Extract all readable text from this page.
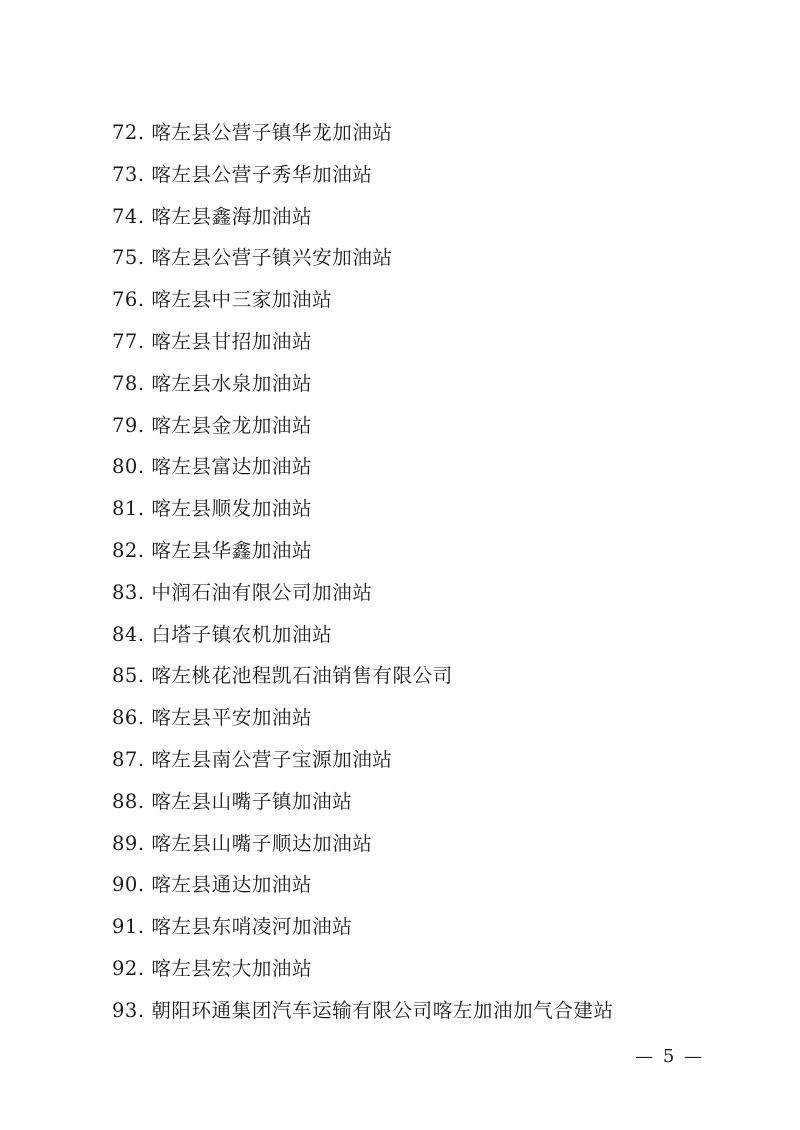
72. 喀左县公营子镇华龙加油站
73. 喀左县公营子秀华加油站
74. 喀左县鑫海加油站
75. 喀左县公营子镇兴安加油站
76. 喀左县中三家加油站
77. 喀左县甘招加油站
78. 喀左县水泉加油站
79. 喀左县金龙加油站
80. 喀左县富达加油站
81. 喀左县顺发加油站
82. 喀左县华鑫加油站
83. 中润石油有限公司加油站
84. 白塔子镇农机加油站
85. 喀左桃花池程凯石油销售有限公司
86. 喀左县平安加油站
87. 喀左县南公营子宝源加油站
88. 喀左县山嘴子镇加油站
89. 喀左县山嘴子顺达加油站
90. 喀左县通达加油站
91. 喀左县东哨凌河加油站
92. 喀左县宏大加油站
93. 朝阳环通集团汽车运输有限公司喀左加油加气合建站
— 5 —
